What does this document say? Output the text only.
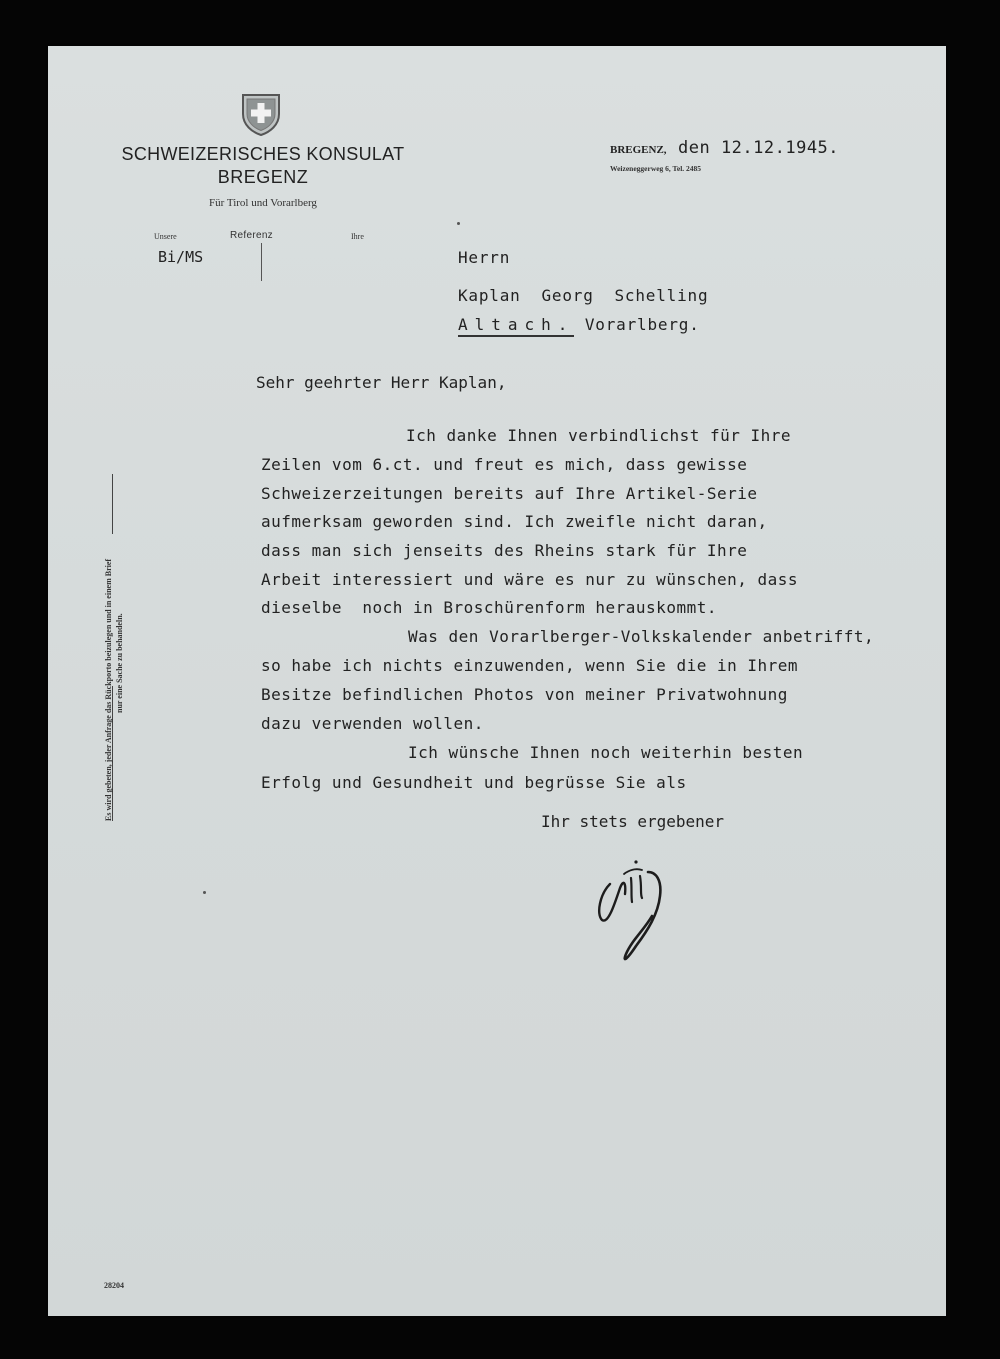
SCHWEIZERISCHES KONSULAT
BREGENZ
Für Tirol und Vorarlberg
Unsere	Referenz	Ihre
Bi/MS
BREGENZ, den 12.12.1945.
Weizeneggerweg 6, Tel. 2485
Herrn
Kaplan  Georg  Schelling
Altach. Vorarlberg.
Sehr geehrter Herr Kaplan,
Ich danke Ihnen verbindlichst für Ihre
Zeilen vom 6.ct. und freut es mich, dass gewisse
Schweizerzeitungen bereits auf Ihre Artikel-Serie
aufmerksam geworden sind. Ich zweifle nicht daran,
dass man sich jenseits des Rheins stark für Ihre
Arbeit interessiert und wäre es nur zu wünschen, dass
dieselbe  noch in Broschürenform herauskommt.
Was den Vorarlberger-Volkskalender anbetrifft,
so habe ich nichts einzuwenden, wenn Sie die in Ihrem
Besitze befindlichen Photos von meiner Privatwohnung
dazu verwenden wollen.
Ich wünsche Ihnen noch weiterhin besten
Erfolg und Gesundheit und begrüsse Sie als
Ihr stets ergebener
Es wird gebeten, jeder Anfrage das Rückporto beizulegen und in einem Brief nur eine Sache zu behandeln.
28204
